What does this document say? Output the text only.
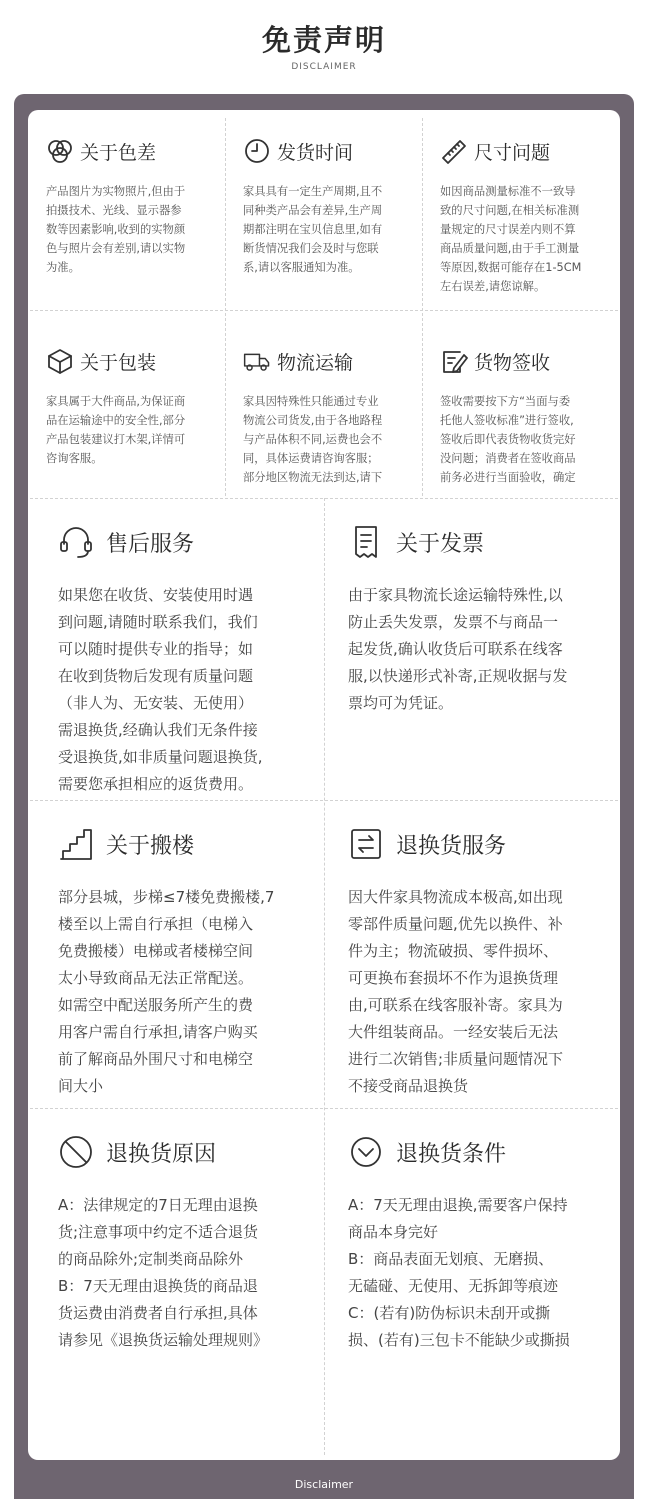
免责声明
DISCLAIMER
关于色差
产品图片为实物照片,但由于
拍摄技术、光线、显示器参
数等因素影响,收到的实物颜
色与照片会有差别,请以实物
为准。
发货时间
家具具有一定生产周期,且不
同种类产品会有差异,生产周
期都注明在宝贝信息里,如有
断货情况我们会及时与您联
系,请以客服通知为准。
尺寸问题
如因商品测量标准不一致导
致的尺寸问题,在相关标准测
量规定的尺寸误差内则不算
商品质量问题,由于手工测量
等原因,数据可能存在1-5CM
左右误差,请您谅解。
关于包装
家具属于大件商品,为保证商
品在运输途中的安全性,部分
产品包装建议打木架,详情可
咨询客服。
物流运输
家具因特殊性只能通过专业
物流公司货发,由于各地路程
与产品体积不同,运费也会不
同，具体运费请咨询客服；
部分地区物流无法到达,请下
货物签收
签收需要按下方“当面与委
托他人签收标准”进行签收,
签收后即代表货物收货完好
没问题；消费者在签收商品
前务必进行当面验收，确定
售后服务
如果您在收货、安装使用时遇
到问题,请随时联系我们，我们
可以随时提供专业的指导；如
在收到货物后发现有质量问题
（非人为、无安装、无使用）
需退换货,经确认我们无条件接
受退换货,如非质量问题退换货,
需要您承担相应的返货费用。
关于发票
由于家具物流长途运输特殊性,以
防止丢失发票，发票不与商品一
起发货,确认收货后可联系在线客
服,以快递形式补寄,正规收据与发
票均可为凭证。
关于搬楼
部分县城，步梯≤7楼免费搬楼,7
楼至以上需自行承担（电梯入
免费搬楼）电梯或者楼梯空间
太小导致商品无法正常配送。
如需空中配送服务所产生的费
用客户需自行承担,请客户购买
前了解商品外围尺寸和电梯空
间大小
退换货服务
因大件家具物流成本极高,如出现
零部件质量问题,优先以换件、补
件为主；物流破损、零件损坏、
可更换布套损坏不作为退换货理
由,可联系在线客服补寄。家具为
大件组装商品。一经安装后无法
进行二次销售;非质量问题情况下
不接受商品退换货
退换货原因
A：法律规定的7日无理由退换
货;注意事项中约定不适合退货
的商品除外;定制类商品除外
B：7天无理由退换货的商品退
货运费由消费者自行承担,具体
请参见《退换货运输处理规则》
退换货条件
A：7天无理由退换,需要客户保持
商品本身完好
B：商品表面无划痕、无磨损、
无磕碰、无使用、无拆卸等痕迹
C：(若有)防伪标识未刮开或撕
损、(若有)三包卡不能缺少或撕损
Disclaimer
